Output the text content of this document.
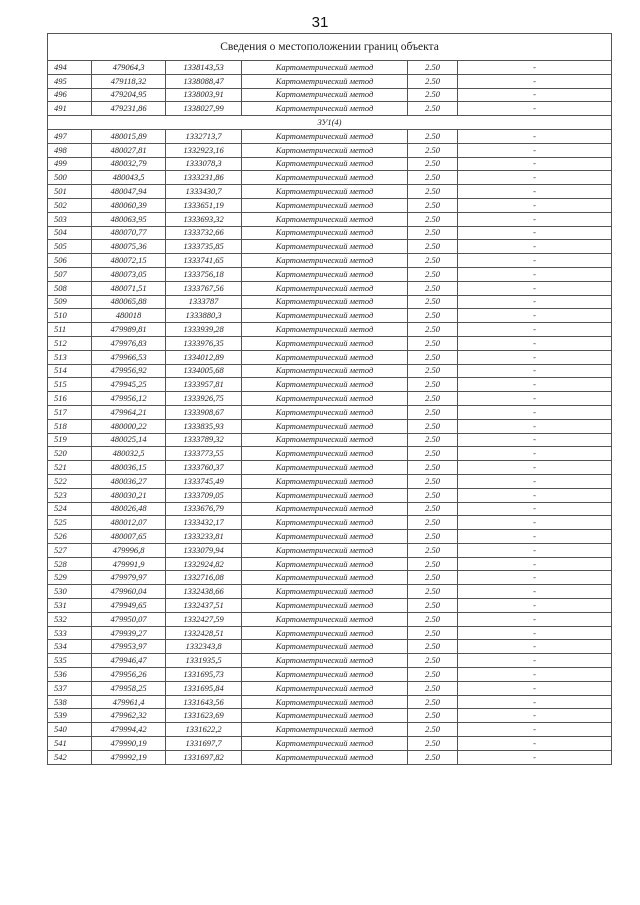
31
Сведения о местоположении границ объекта					
494	479064,3	1338143,53	Картометрический метод	2.50	-
495	479118,32	1338088,47	Картометрический метод	2.50	-
496	479204,95	1338003,91	Картометрический метод	2.50	-
491	479231,86	1338027,99	Картометрический метод	2.50	-
ЗУ1(4)					
497	480015,89	1332713,7	Картометрический метод	2.50	-
498	480027,81	1332923,16	Картометрический метод	2.50	-
499	480032,79	1333078,3	Картометрический метод	2.50	-
500	480043,5	1333231,86	Картометрический метод	2.50	-
501	480047,94	1333430,7	Картометрический метод	2.50	-
502	480060,39	1333651,19	Картометрический метод	2.50	-
503	480063,95	1333693,32	Картометрический метод	2.50	-
504	480070,77	1333732,66	Картометрический метод	2.50	-
505	480075,36	1333735,85	Картометрический метод	2.50	-
506	480072,15	1333741,65	Картометрический метод	2.50	-
507	480073,05	1333756,18	Картометрический метод	2.50	-
508	480071,51	1333767,56	Картометрический метод	2.50	-
509	480065,88	1333787	Картометрический метод	2.50	-
510	480018	1333880,3	Картометрический метод	2.50	-
511	479989,81	1333939,28	Картометрический метод	2.50	-
512	479976,83	1333976,35	Картометрический метод	2.50	-
513	479966,53	1334012,89	Картометрический метод	2.50	-
514	479956,92	1334005,68	Картометрический метод	2.50	-
515	479945,25	1333957,81	Картометрический метод	2.50	-
516	479956,12	1333926,75	Картометрический метод	2.50	-
517	479964,21	1333908,67	Картометрический метод	2.50	-
518	480000,22	1333835,93	Картометрический метод	2.50	-
519	480025,14	1333789,32	Картометрический метод	2.50	-
520	480032,5	1333773,55	Картометрический метод	2.50	-
521	480036,15	1333760,37	Картометрический метод	2.50	-
522	480036,27	1333745,49	Картометрический метод	2.50	-
523	480030,21	1333709,05	Картометрический метод	2.50	-
524	480026,48	1333676,79	Картометрический метод	2.50	-
525	480012,07	1333432,17	Картометрический метод	2.50	-
526	480007,65	1333233,81	Картометрический метод	2.50	-
527	479996,8	1333079,94	Картометрический метод	2.50	-
528	479991,9	1332924,82	Картометрический метод	2.50	-
529	479979,97	1332716,08	Картометрический метод	2.50	-
530	479960,04	1332438,66	Картометрический метод	2.50	-
531	479949,65	1332437,51	Картометрический метод	2.50	-
532	479950,07	1332427,59	Картометрический метод	2.50	-
533	479939,27	1332428,51	Картометрический метод	2.50	-
534	479953,97	1332343,8	Картометрический метод	2.50	-
535	479946,47	1331935,5	Картометрический метод	2.50	-
536	479956,26	1331695,73	Картометрический метод	2.50	-
537	479958,25	1331695,84	Картометрический метод	2.50	-
538	479961,4	1331643,56	Картометрический метод	2.50	-
539	479962,32	1331623,69	Картометрический метод	2.50	-
540	479994,42	1331622,2	Картометрический метод	2.50	-
541	479990,19	1331697,7	Картометрический метод	2.50	-
542	479992,19	1331697,82	Картометрический метод	2.50	-
